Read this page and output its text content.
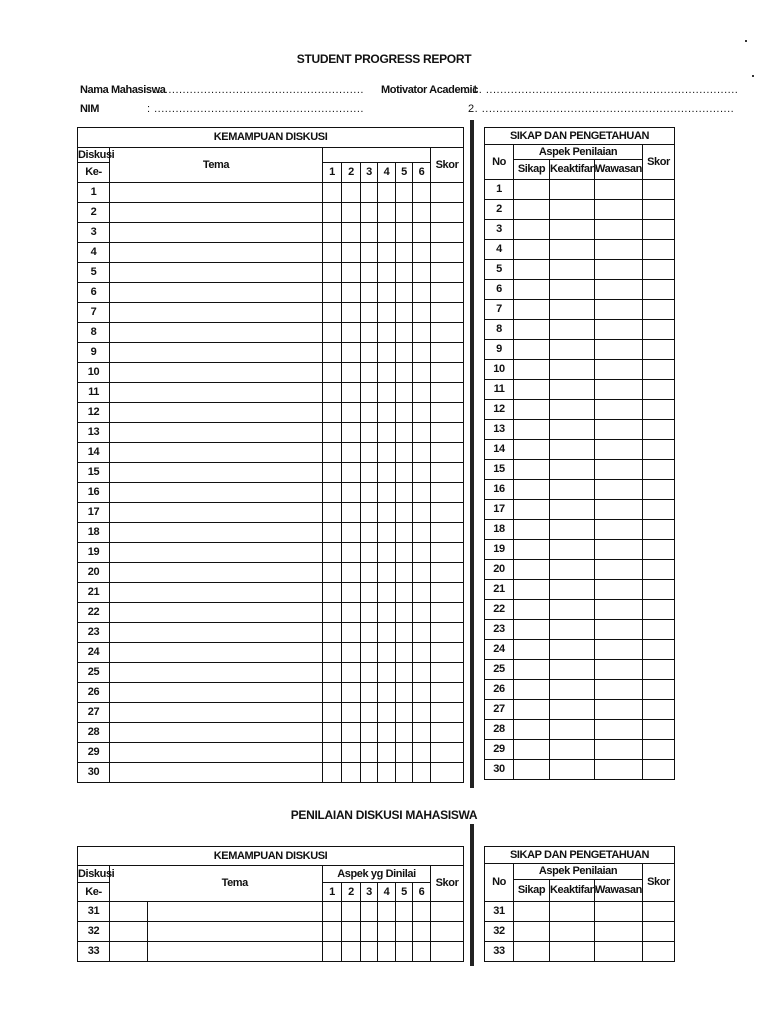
STUDENT PROGRESS REPORT
Nama Mahasiswa
: ...........................................................
NIM	: ...........................................................
Motivator Academic
: 1. .......................................................................
2. .......................................................................
KEMAMPUAN DISKUSI								
Diskusi	Tema							Skor
Ke-		1	2	3	4	5	6	
1								
2								
3								
4								
5								
6								
7								
8								
9								
10								
11								
12								
13								
14								
15								
16								
17								
18								
19								
20								
21								
22								
23								
24								
25								
26								
27								
28								
29								
30								
SIKAP DAN PENGETAHUAN				
No	Aspek Penilaian			Skor
	Sikap	Keaktifan	Wawasan	
1				
2				
3				
4				
5				
6				
7				
8				
9				
10				
11				
12				
13				
14				
15				
16				
17				
18				
19				
20				
21				
22				
23				
24				
25				
26				
27				
28				
29				
30				
PENILAIAN DISKUSI MAHASISWA
KEMAMPUAN DISKUSI									
Diskusi		Tema	Aspek yg Dinilai						Skor
Ke-			1	2	3	4	5	6	
31									
32									
33									
SIKAP DAN PENGETAHUAN				
No	Aspek Penilaian			Skor
	Sikap	Keaktifan	Wawasan	
31				
32				
33				
